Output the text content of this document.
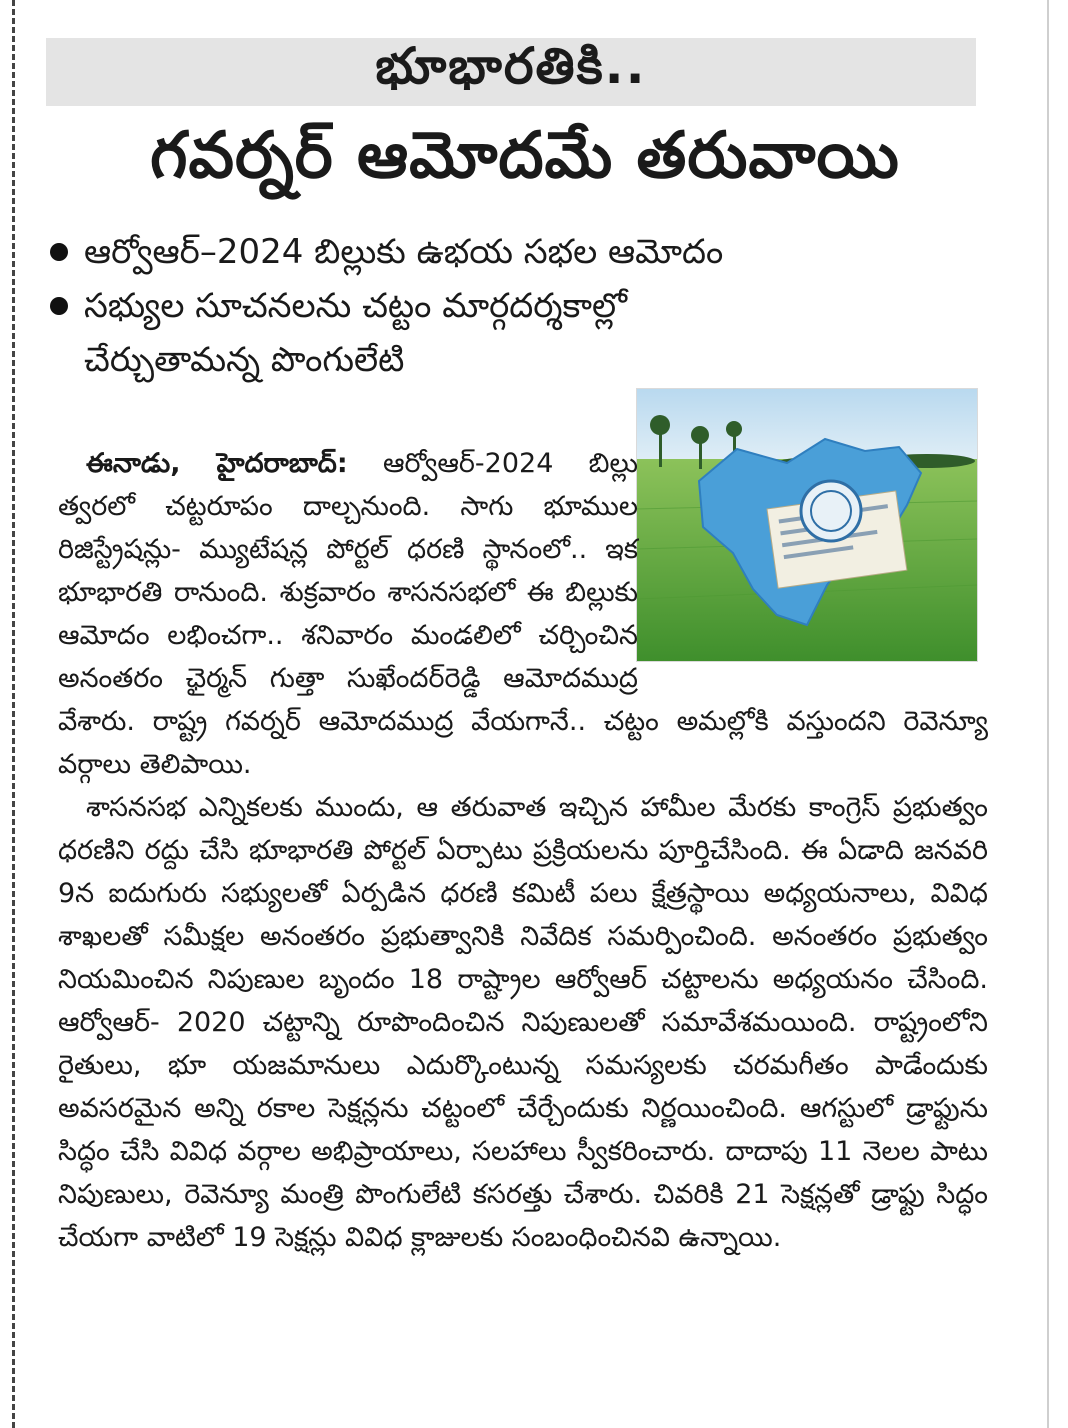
భూభారతికి..
గవర్నర్ ఆమోదమే తరువాయి
ఆర్వోఆర్‌–2024 బిల్లుకు ఉభయ సభల ఆమోదం
సభ్యుల సూచనలను చట్టం మార్గదర్శకాల్లో చేర్చుతామన్న పొంగులేటి

ఈనాడు, హైదరాబాద్‌: ఆర్వోఆర్‌-2024 బిల్లు త్వరలో చట్టరూపం దాల్చనుంది. సాగు భూముల రిజిస్ట్రేషన్లు- మ్యుటేషన్ల పోర్టల్‌ ధరణి స్థానంలో.. ఇక భూభారతి రానుంది. శుక్రవారం శాసనసభలో ఈ బిల్లుకు ఆమోదం లభించగా.. శనివారం మండలిలో చర్చించిన అనంతరం ఛైర్మన్‌ గుత్తా సుఖేందర్‌రెడ్డి ఆమోదముద్ర వేశారు. రాష్ట్ర గవర్నర్‌ ఆమోదముద్ర వేయగానే.. చట్టం అమల్లోకి వస్తుందని రెవెన్యూ వర్గాలు తెలిపాయి.

శాసనసభ ఎన్నికలకు ముందు, ఆ తరువాత ఇచ్చిన హామీల మేరకు కాంగ్రెస్‌ ప్రభుత్వం ధరణిని రద్దు చేసి భూభారతి పోర్టల్‌ ఏర్పాటు ప్రక్రియలను పూర్తిచేసింది. ఈ ఏడాది జనవరి 9న ఐదుగురు సభ్యులతో ఏర్పడిన ధరణి కమిటీ పలు క్షేత్రస్థాయి అధ్యయనాలు, వివిధ శాఖలతో సమీక్షల అనంతరం ప్రభుత్వానికి నివేదిక సమర్పించింది. అనంతరం ప్రభుత్వం నియమించిన నిపుణుల బృందం 18 రాష్ట్రాల ఆర్వోఆర్‌ చట్టాలను అధ్యయనం చేసింది. ఆర్వోఆర్‌- 2020 చట్టాన్ని రూపొందించిన నిపుణులతో సమావేశమయింది. రాష్ట్రంలోని రైతులు, భూ యజమానులు ఎదుర్కొంటున్న సమస్యలకు చరమగీతం పాడేందుకు అవసరమైన అన్ని రకాల సెక్షన్లను చట్టంలో చేర్చేందుకు నిర్ణయించింది. ఆగస్టులో డ్రాఫ్టును సిద్ధం చేసి వివిధ వర్గాల అభిప్రాయాలు, సలహాలు స్వీకరించారు. దాదాపు 11 నెలల పాటు నిపుణులు, రెవెన్యూ మంత్రి పొంగులేటి కసరత్తు చేశారు. చివరికి 21 సెక్షన్లతో డ్రాఫ్టు సిద్ధం చేయగా వాటిలో 19 సెక్షన్లు వివిధ క్లాజులకు సంబంధించినవి ఉన్నాయి.
